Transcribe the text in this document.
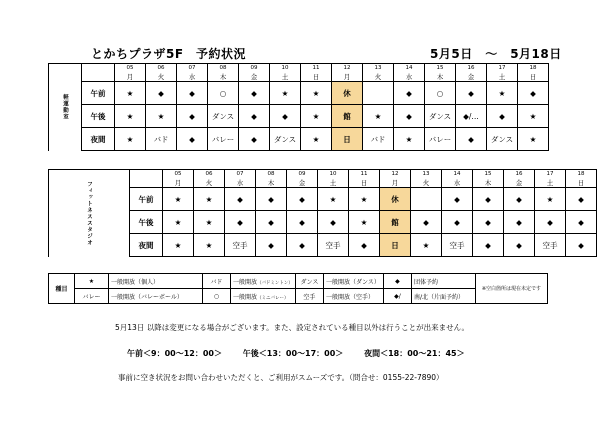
とかちプラザ5F　予約状況	5月5日　～　5月18日
軽運動室		05	06	07	08	09	10	11	12	13	14	15	16	17	18
		月	火	水	木	金	土	日	月	火	水	木	金	土	日
	午前	★	◆	◆	○	◆	★	★	休		◆	○	◆	★	◆
	午後	★	★	◆	ダンス	◆	◆	★	館	★	◆	ダンス	◆/…	◆	★
	夜間	★	バド	◆	バレー	◆	ダンス	★	日	バド	★	バレー	◆	ダンス	★
フィットネススタジオ		05	06	07	08	09	10	11	12	13	14	15	16	17	18
		月	火	水	木	金	土	日	月	火	水	木	金	土	日
	午前	★	★	◆	◆	◆	★	★	休		◆	◆	◆	★	◆
	午後	★	★	◆	◆	◆	◆	★	館	◆	◆	◆	◆	◆	◆
	夜間	★	★	空手	◆	◆	空手	◆	日	★	空手	◆	◆	空手	◆
種目	★	一般開放（個人）	バド	一般開放（バドミントン）	ダンス	一般開放（ダンス）	◆	団体予約	※空白箇所は現在未定です
	バレー	一般開放（バレーボール）	○	一般開放（ミニバレー）	空手	一般開放（空手）	◆/	南/北（片面予約）	
5月13日 以降は変更になる場合がございます。また、設定されている種目以外は行うことが出来ません。
午前＜9：00～12：00＞	午後＜13：00～17：00＞	夜間＜18：00～21：45＞
事前に空き状況をお問い合わせいただくと、ご利用がスムーズです。（問合せ：0155-22-7890）
